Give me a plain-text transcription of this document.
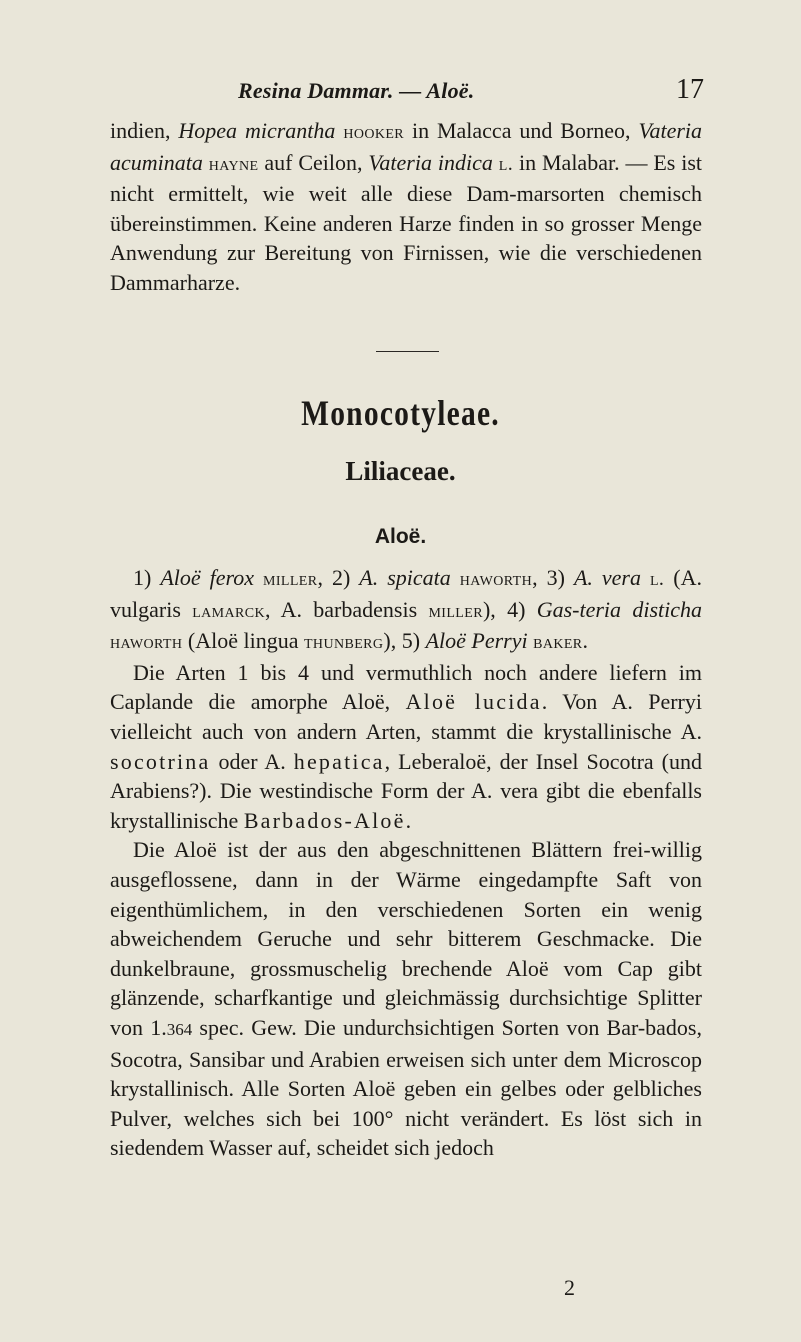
Resina Dammar. — Aloë.	17

indien, Hopea micrantha hooker in Malacca und Borneo, Vateria acuminata hayne auf Ceilon, Vateria indica l. in Malabar. — Es ist nicht ermittelt, wie weit alle diese Dam-marsorten chemisch übereinstimmen. Keine anderen Harze finden in so grosser Menge Anwendung zur Bereitung von Firnissen, wie die verschiedenen Dammarharze.

Monocotyleae.
Liliaceae.
Aloë.

1) Aloë ferox miller, 2) A. spicata haworth, 3) A. vera l. (A. vulgaris lamarck, A. barbadensis miller), 4) Gas-teria disticha haworth (Aloë lingua thunberg), 5) Aloë Perryi baker.

Die Arten 1 bis 4 und vermuthlich noch andere liefern im Caplande die amorphe Aloë, Aloë lucida. Von A. Perryi vielleicht auch von andern Arten, stammt die krystallinische A. socotrina oder A. hepatica, Leberaloë, der Insel Socotra (und Arabiens?). Die westindische Form der A. vera gibt die ebenfalls krystallinische Barbados-Aloë.

Die Aloë ist der aus den abgeschnittenen Blättern frei-willig ausgeflossene, dann in der Wärme eingedampfte Saft von eigenthümlichem, in den verschiedenen Sorten ein wenig abweichendem Geruche und sehr bitterem Geschmacke. Die dunkelbraune, grossmuschelig brechende Aloë vom Cap gibt glänzende, scharfkantige und gleichmässig durchsichtige Splitter von 1.364 spec. Gew. Die undurchsichtigen Sorten von Bar-bados, Socotra, Sansibar und Arabien erweisen sich unter dem Microscop krystallinisch. Alle Sorten Aloë geben ein gelbes oder gelbliches Pulver, welches sich bei 100° nicht verändert. Es löst sich in siedendem Wasser auf, scheidet sich jedoch

2
